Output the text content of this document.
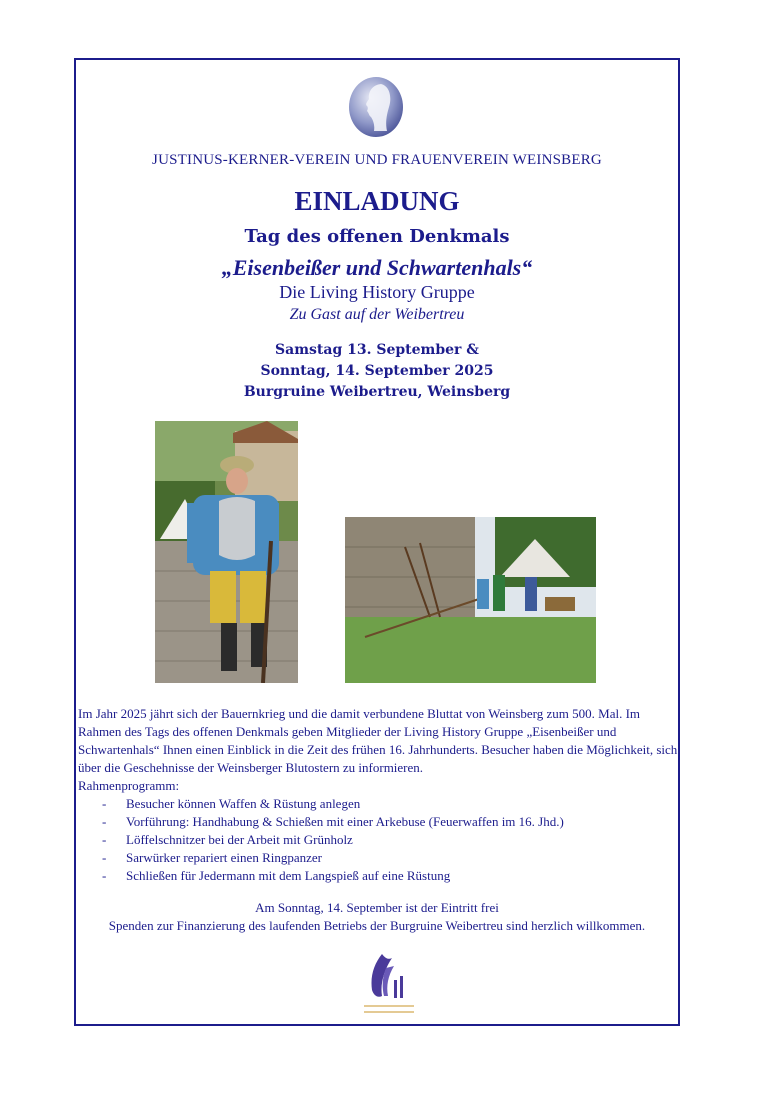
JUSTINUS-KERNER-VEREIN UND FRAUENVEREIN WEINSBERG
EINLADUNG
Tag des offenen Denkmals
„Eisenbeißer und Schwartenhals“
Die Living History Gruppe
Zu Gast auf der Weibertreu
Samstag 13. September &
Sonntag, 14. September 2025
Burgruine Weibertreu, Weinsberg

Im Jahr 2025 jährt sich der Bauernkrieg und die damit verbundene Bluttat von Weinsberg zum 500. Mal. Im Rahmen des Tags des offenen Denkmals geben Mitglieder der Living History Gruppe „Eisenbeißer und Schwartenhals“ Ihnen einen Einblick in die Zeit des frühen 16. Jahrhunderts. Besucher haben die Möglichkeit, sich über die Geschehnisse der Weinsberger Blutostern zu informieren.

Rahmenprogramm:

- Besucher können Waffen & Rüstung anlegen
- Vorführung: Handhabung & Schießen mit einer Arkebuse (Feuerwaffen im 16. Jhd.)
- Löffelschnitzer bei der Arbeit mit Grünholz
- Sarwürker repariert einen Ringpanzer
- Schließen für Jedermann mit dem Langspieß auf eine Rüstung
Am Sonntag, 14. September ist der Eintritt frei
Spenden zur Finanzierung des laufenden Betriebs der Burgruine Weibertreu sind herzlich willkommen.
